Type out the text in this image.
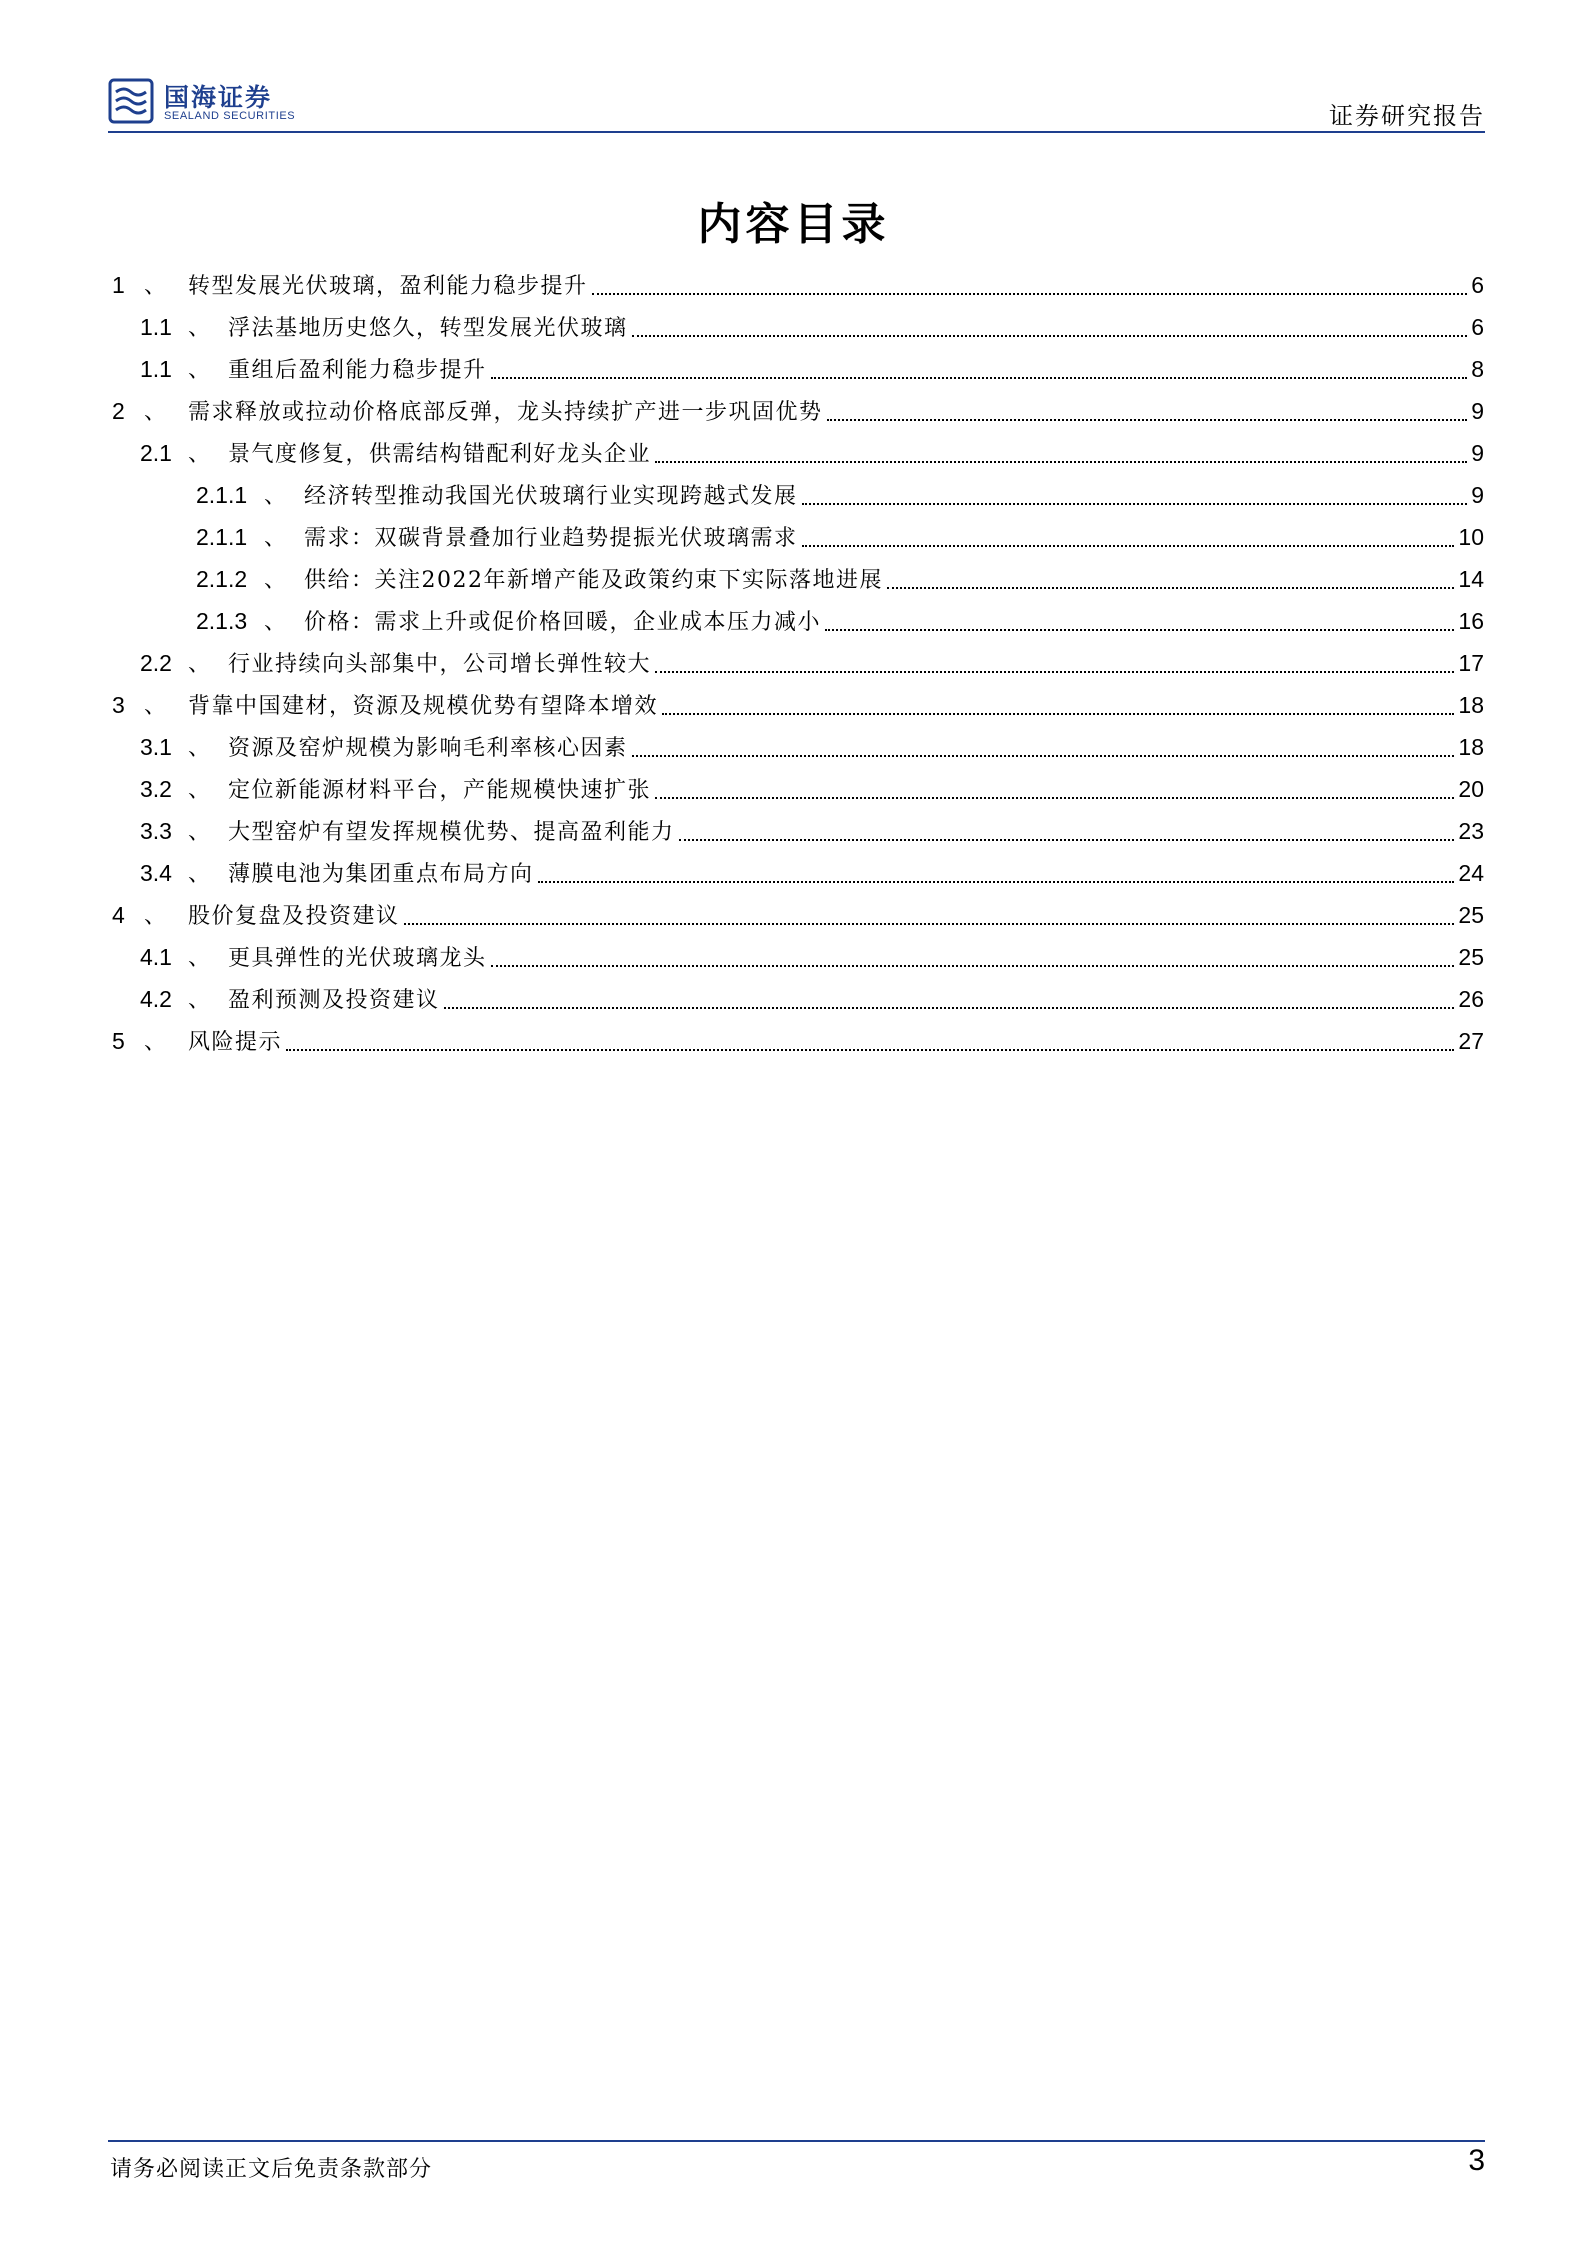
国海证券
SEALAND SECURITIES	证券研究报告
内容目录
1 、 转型发展光伏玻璃，盈利能力稳步提升	6
1.1 、 浮法基地历史悠久，转型发展光伏玻璃	6
1.1 、 重组后盈利能力稳步提升	8
2 、 需求释放或拉动价格底部反弹，龙头持续扩产进一步巩固优势	9
2.1 、 景气度修复，供需结构错配利好龙头企业	9
2.1.1 、 经济转型推动我国光伏玻璃行业实现跨越式发展	9
2.1.1 、 需求：双碳背景叠加行业趋势提振光伏玻璃需求	10
2.1.2 、 供给：关注2022年新增产能及政策约束下实际落地进展	14
2.1.3 、 价格：需求上升或促价格回暖，企业成本压力减小	16
2.2 、 行业持续向头部集中，公司增长弹性较大	17
3 、 背靠中国建材，资源及规模优势有望降本增效	18
3.1 、 资源及窑炉规模为影响毛利率核心因素	18
3.2 、 定位新能源材料平台，产能规模快速扩张	20
3.3 、 大型窑炉有望发挥规模优势、提高盈利能力	23
3.4 、 薄膜电池为集团重点布局方向	24
4 、 股价复盘及投资建议	25
4.1 、 更具弹性的光伏玻璃龙头	25
4.2 、 盈利预测及投资建议	26
5 、 风险提示	27
请务必阅读正文后免责条款部分	3
